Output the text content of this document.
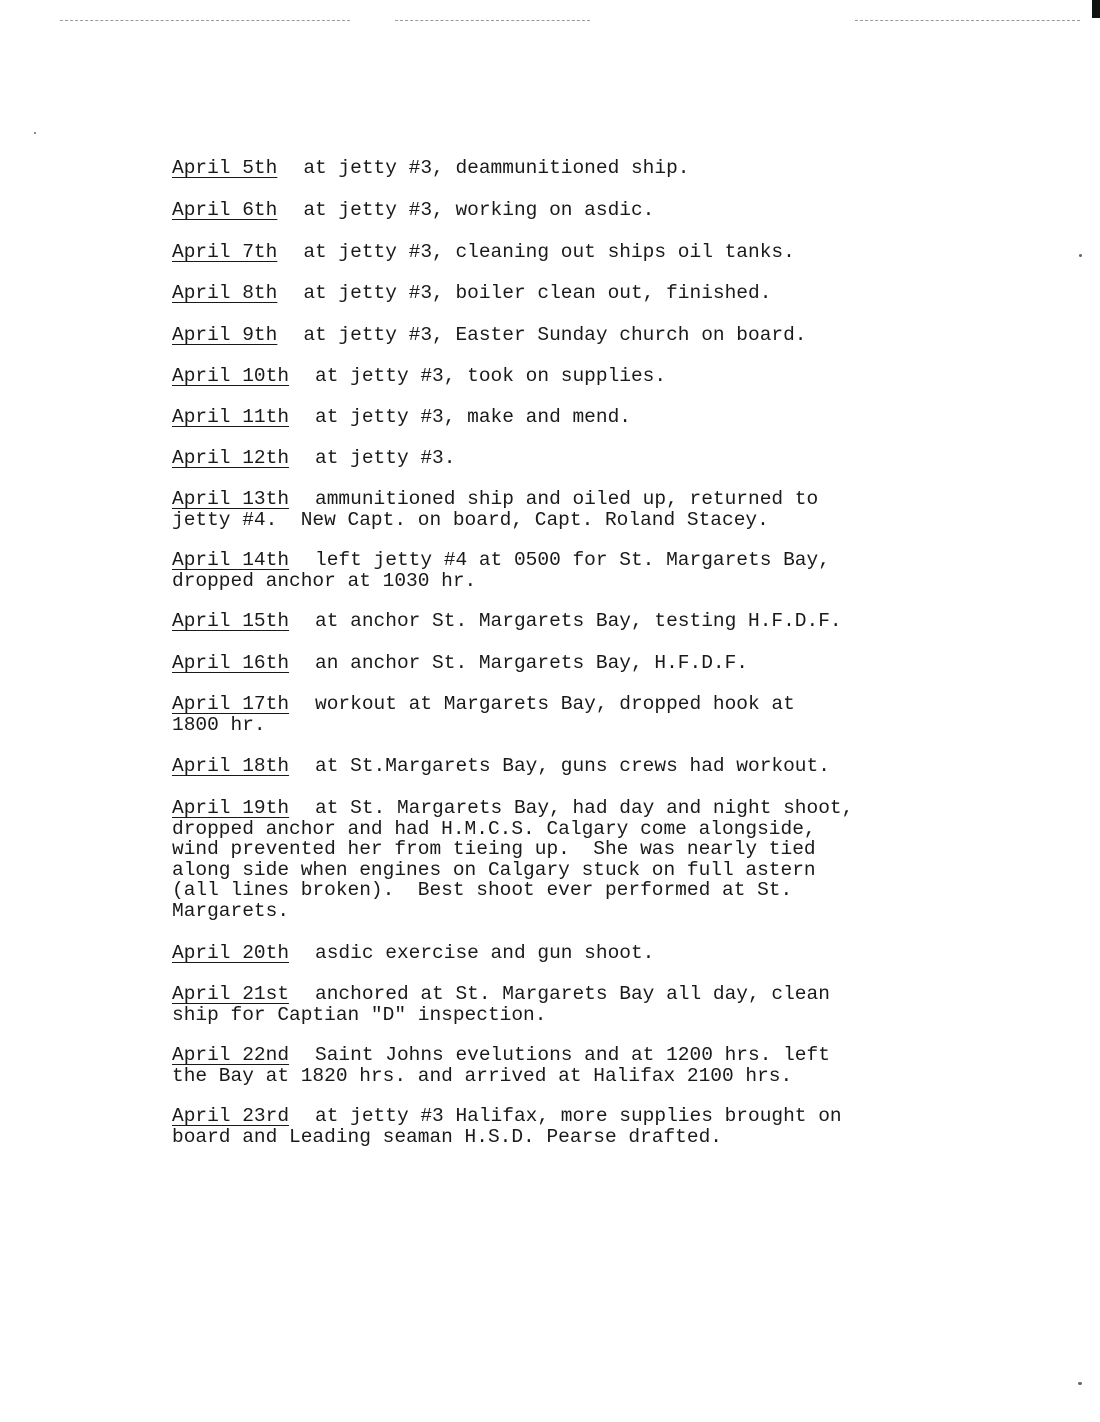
April 5th at jetty #3, deammunitioned ship.
April 6th at jetty #3, working on asdic.
April 7th at jetty #3, cleaning out ships oil tanks.
April 8th at jetty #3, boiler clean out, finished.
April 9th at jetty #3, Easter Sunday church on board.
April 10th at jetty #3, took on supplies.
April 11th at jetty #3, make and mend.
April 12th at jetty #3.
April 13th ammunitioned ship and oiled up, returned to
jetty #4.  New Capt. on board, Capt. Roland Stacey.
April 14th left jetty #4 at 0500 for St. Margarets Bay,
dropped anchor at 1030 hr.
April 15th at anchor St. Margarets Bay, testing H.F.D.F.
April 16th an anchor St. Margarets Bay, H.F.D.F.
April 17th workout at Margarets Bay, dropped hook at
1800 hr.
April 18th at St.Margarets Bay, guns crews had workout.
April 19th at St. Margarets Bay, had day and night shoot,
dropped anchor and had H.M.C.S. Calgary come alongside,
wind prevented her from tieing up.  She was nearly tied
along side when engines on Calgary stuck on full astern
(all lines broken).  Best shoot ever performed at St.
Margarets.
April 20th asdic exercise and gun shoot.
April 21st anchored at St. Margarets Bay all day, clean
ship for Captian "D" inspection.
April 22nd Saint Johns evelutions and at 1200 hrs. left
the Bay at 1820 hrs. and arrived at Halifax 2100 hrs.
April 23rd at jetty #3 Halifax, more supplies brought on
board and Leading seaman H.S.D. Pearse drafted.
